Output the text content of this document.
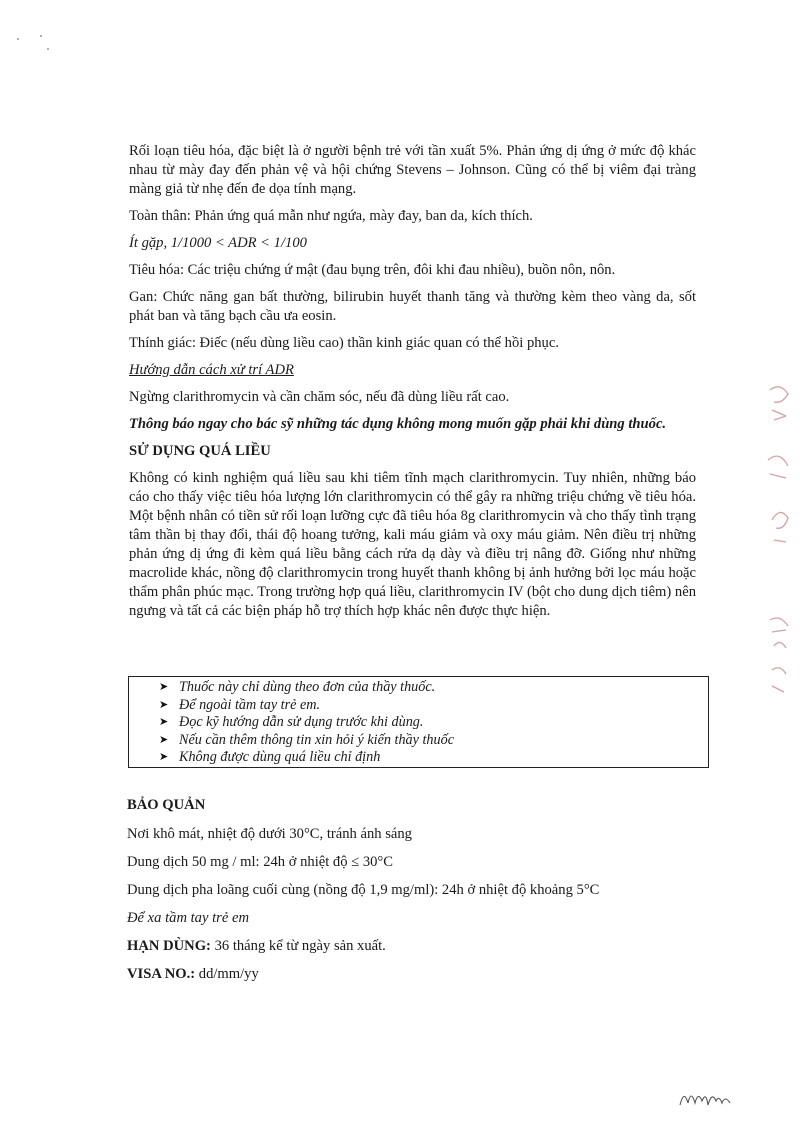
Rối loạn tiêu hóa, đặc biệt là ở người bệnh trẻ với tần xuất 5%. Phản ứng dị ứng ở mức độ khác nhau từ mày đay đến phản vệ và hội chứng Stevens – Johnson. Cũng có thể bị viêm đại tràng màng giả từ nhẹ đến đe dọa tính mạng.

Toàn thân: Phản ứng quá mẫn như ngứa, mày đay, ban da, kích thích.

Ít gặp, 1/1000 < ADR < 1/100

Tiêu hóa: Các triệu chứng ứ mật (đau bụng trên, đôi khi đau nhiều), buồn nôn, nôn.

Gan: Chức năng gan bất thường, bilirubin huyết thanh tăng và thường kèm theo vàng da, sốt phát ban và tăng bạch cầu ưa eosin.

Thính giác: Điếc (nếu dùng liều cao) thần kinh giác quan có thể hồi phục.

Hướng dẫn cách xử trí ADR

Ngừng clarithromycin và cần chăm sóc, nếu đã dùng liều rất cao.

Thông báo ngay cho bác sỹ những tác dụng không mong muốn gặp phải khi dùng thuốc.

SỬ DỤNG QUÁ LIỀU

Không có kinh nghiệm quá liều sau khi tiêm tĩnh mạch clarithromycin. Tuy nhiên, những báo cáo cho thấy việc tiêu hóa lượng lớn clarithromycin có thể gây ra những triệu chứng về tiêu hóa. Một bệnh nhân có tiền sử rối loạn lưỡng cực đã tiêu hóa 8g clarithromycin và cho thấy tình trạng tâm thần bị thay đổi, thái độ hoang tưởng, kali máu giảm và oxy máu giảm. Nên điều trị những phản ứng dị ứng đi kèm quá liều bằng cách rửa dạ dày và điều trị nâng đỡ. Giống như những macrolide khác, nồng độ clarithromycin trong huyết thanh không bị ảnh hưởng bởi lọc máu hoặc thẩm phân phúc mạc. Trong trường hợp quá liều, clarithromycin IV (bột cho dung dịch tiêm) nên ngưng và tất cả các biện pháp hỗ trợ thích hợp khác nên được thực hiện.

➤ Thuốc này chỉ dùng theo đơn của thầy thuốc.
➤ Để ngoài tầm tay trẻ em.
➤ Đọc kỹ hướng dẫn sử dụng trước khi dùng.
➤ Nếu cần thêm thông tin xin hỏi ý kiến thầy thuốc
➤ Không được dùng quá liều chỉ định

BẢO QUẢN

Nơi khô mát, nhiệt độ dưới 30°C, tránh ánh sáng

Dung dịch 50 mg / ml: 24h ở nhiệt độ ≤ 30°C

Dung dịch pha loãng cuối cùng (nồng độ 1,9 mg/ml): 24h ở nhiệt độ khoảng 5°C

Để xa tầm tay trẻ em

HẠN DÙNG: 36 tháng kể từ ngày sản xuất.

VISA NO.: dd/mm/yy
